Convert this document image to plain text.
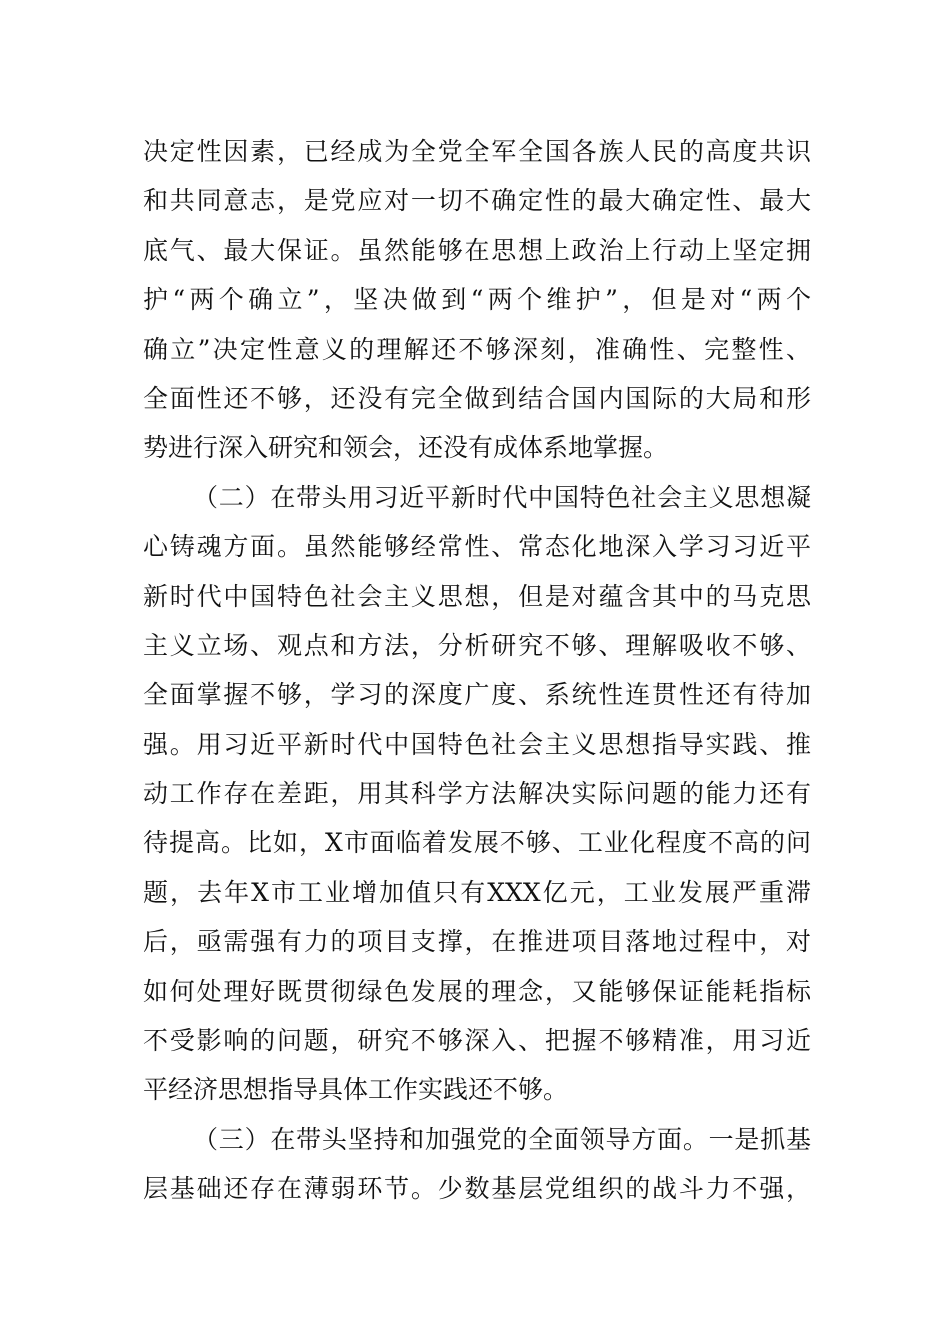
决定性因素，已经成为全党全军全国各族人民的高度共识
和共同意志，是党应对一切不确定性的最大确定性、最大
底气、最大保证。虽然能够在思想上政治上行动上坚定拥
护“两个确立”，坚决做到“两个维护”，但是对“两个
确立”决定性意义的理解还不够深刻，准确性、完整性、
全面性还不够，还没有完全做到结合国内国际的大局和形
势进行深入研究和领会，还没有成体系地掌握。
（二）在带头用习近平新时代中国特色社会主义思想凝
心铸魂方面。虽然能够经常性、常态化地深入学习习近平
新时代中国特色社会主义思想，但是对蕴含其中的马克思
主义立场、观点和方法，分析研究不够、理解吸收不够、
全面掌握不够，学习的深度广度、系统性连贯性还有待加
强。用习近平新时代中国特色社会主义思想指导实践、推
动工作存在差距，用其科学方法解决实际问题的能力还有
待提高。比如，X市面临着发展不够、工业化程度不高的问
题，去年X市工业增加值只有XXX亿元，工业发展严重滞
后，亟需强有力的项目支撑，在推进项目落地过程中，对
如何处理好既贯彻绿色发展的理念，又能够保证能耗指标
不受影响的问题，研究不够深入、把握不够精准，用习近
平经济思想指导具体工作实践还不够。
（三）在带头坚持和加强党的全面领导方面。一是抓基
层基础还存在薄弱环节。少数基层党组织的战斗力不强，
